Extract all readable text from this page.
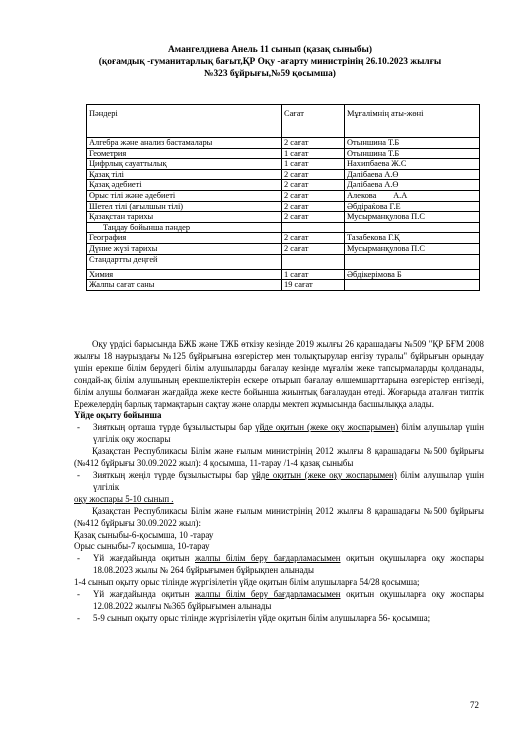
Амангелдиева Анель 11 сынып (қазақ сыныбы)
(қоғамдық -гуманитарлық бағыт,ҚР Оқу -ағарту министрінің 26.10.2023 жылғы
№323 бұйрығы,№59 қосымша)
Пәндері	Сағат	Мұғалімнің аты-жөні
Алгебра және анализ бастамалары	2 сағат	Отыншина Т.Б
Геометрия	1 сағат	Отыншина Т.Б
Цифрлық сауаттылық	1 сағат	Нахипбаева Ж.С
Қазақ тілі	2 сағат	Дәлібаева А.Ө
Қазақ әдебиеті	2 сағат	Дәлібаева А.Ө
Орыс тілі және әдебиеті	2 сағат	Алекова        А.А
Шетел тілі (ағылшын тілі)	2 сағат	Әбдіраќова Г.Е
Қазақстан тарихы	2 сағат	Мусырманқулова П.С
Таңдау бойынша пәндер		
География	2 сағат	Тазабекова Г.Қ
Дүние жүзі тарихы	2 сағат	Мусырманқулова П.С
Стандартты деңгей		
Химия	1 сағат	Әбдікерімова Б
Жалпы сағат саны	19 сағат	

Оқу үрдісі барысында БЖБ және ТЖБ өткізу кезінде 2019 жылғы 26 қарашадағы №509 "ҚР БҒМ 2008 жылғы 18 наурыздағы №125 бұйрығына өзгерістер мен толықтырулар енгізу туралы" бұйрығын орындау үшін ерекше білім берудегі білім алушыларды бағалау кезінде мұғалім жеке тапсырмаларды қолданады, сондай-ақ білім алушының ерекшеліктерін ескере отырып бағалау өлшемшарттарына өзгерістер енгізеді, білім алушы болмаған жағдайда жеке кесте бойынша жиынтық бағалаудан өтеді. Жоғарыда аталған типтік Ережелердің барлық тармақтарын сақтау және оларды мектеп жұмысында басшылыққа алады.

Үйде оқыту бойынша

-	Зияткың орташа түрде бұзылыстыры бар үйде оқитын (жеке оқу жоспарымен) білім алушылар үшін үлгілік оқу жоспары

Қазақстан Республикасы Білім және ғылым министрінің 2012 жылғы 8 қарашадағы №500 бұйрығы (№412 бұйрығы 30.09.2022 жыл): 4 қосымша, 11-тарау /1-4 қазақ сыныбы

-	Зияткың жеңіл түрде бұзылыстыры бар үйде оқитын (жеке оқу жоспарымен) білім алушылар үшін үлгілік

оқу жоспары 5-10 сынып .

Қазақстан Республикасы Білім және ғылым министрінің 2012 жылғы 8 қарашадағы №500 бұйрығы (№412 бұйрығы 30.09.2022 жыл):

Қазақ сыныбы-6-қосымша, 10 -тарау

Орыс сыныбы-7 қосымша, 10-тарау

-	Үй жағдайында оқитын жалпы білім беру бағдарламасымен оқитын оқушыларға оқу жоспары 18.08.2023 жылы № 264 бұйрығымен бұйрықпен алынады

1-4 сынып оқыту орыс тілінде жүргізілетін үйде оқитын білім алушыларға 54/28 қосымша;

-	Үй жағдайында оқитын жалпы білім беру бағдарламасымен оқитын оқушыларға оқу жоспары 12.08.2022 жылғы №365 бұйрығымен алынады
-	5-9 сынып оқыту орыс тілінде жүргізілетін үйде оқитын білім алушыларға 56- қосымша;
72
